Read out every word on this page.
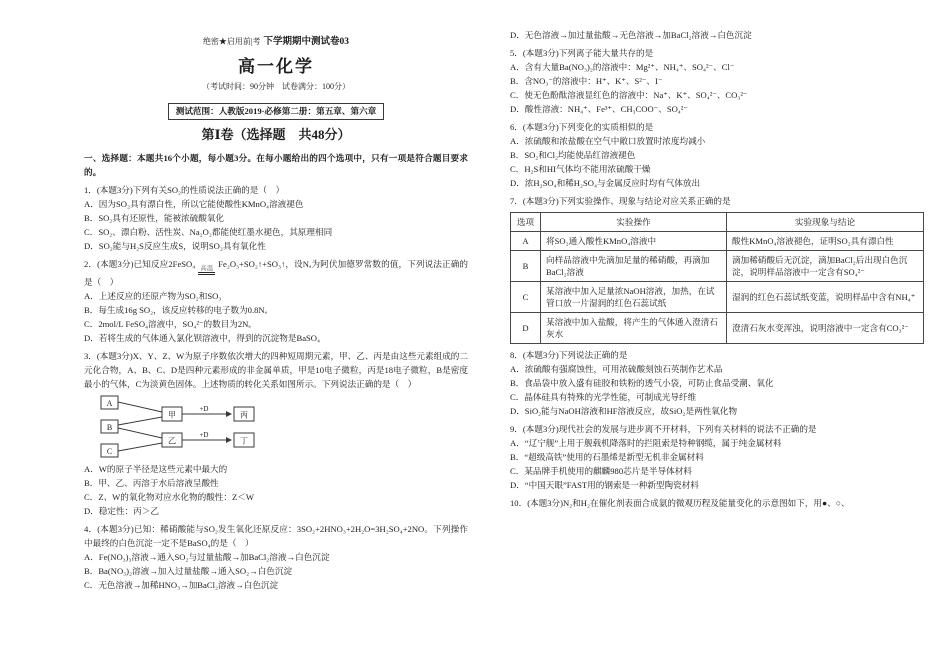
绝密★启用前|考 下学期期中测试卷03

高一化学

（考试时间：90分钟　试卷满分：100分）

测试范围：人教版2019·必修第二册：第五章、第六章
第Ⅰ卷（选择题　共48分）

一、选择题：本题共16个小题，每小题3分。在每小题给出的四个选项中，只有一项是符合题目要求的。

1．(本题3分)下列有关SO₂的性质说法正确的是（　）

A．因为SO₂具有漂白性，所以它能使酸性KMnO₄溶液褪色

B．SO₂具有还原性，能被浓硫酸氧化

C．SO₂、漂白粉、活性炭、Na₂O₂都能使红墨水褪色，其原理相同

D．SO₂能与H₂S反应生成S，说明SO₂具有氧化性

2．(本题3分)已知反应2FeSO₄ 高温 Fe₂O₃+SO₂↑+SO₃↑，设Nₐ为阿伏加德罗常数的值，下列说法正确的是（　）

A．上述反应的还原产物为SO₂和SO₃

B．每生成16g SO₂，该反应转移的电子数为0.8Nₐ

C．2mol/L FeSO₄溶液中，SO₄²⁻的数目为2Nₐ

D．若将生成的气体通入氯化钡溶液中，得到的沉淀物是BaSO₄

3．(本题3分)X、Y、Z、W为原子序数依次增大的四种短周期元素，甲、乙、丙是由这些元素组成的二元化合物，A、B、C、D是四种元素形成的非金属单质，甲是10电子微粒，丙是18电子微粒，B是密度最小的气体，C为淡黄色固体。上述物质的转化关系如图所示。下列说法正确的是（　）

A
B
C
甲
乙
丙
丁
+D
+D

A．W的原子半径是这些元素中最大的

B．甲、乙、丙溶于水后溶液呈酸性

C．Z、W的氧化物对应水化物的酸性：Z＜W

D．稳定性：丙＞乙

4．(本题3分)已知：稀硝酸能与SO₂发生氧化还原反应：3SO₂+2HNO₃+2H₂O=3H₂SO₄+2NO。下列操作中最终的白色沉淀一定不是BaSO₄的是（　）

A．Fe(NO₃)₃溶液→通入SO₂与过量盐酸→加BaCl₂溶液→白色沉淀

B．Ba(NO₃)₂溶液→加入过量盐酸→通入SO₂→白色沉淀

C．无色溶液→加稀HNO₃→加BaCl₂溶液→白色沉淀

D．无色溶液→加过量盐酸→无色溶液→加BaCl₂溶液→白色沉淀

5．(本题3分)下列离子能大量共存的是

A．含有大量Ba(NO₃)₂的溶液中：Mg²⁺、NH₄⁺、SO₄²⁻、Cl⁻

B．含NO₃⁻的溶液中：H⁺、K⁺、S²⁻、I⁻

C．使无色酚酞溶液显红色的溶液中：Na⁺、K⁺、SO₄²⁻、CO₃²⁻

D．酸性溶液：NH₄⁺、Fe³⁺、CH₃COO⁻、SO₄²⁻

6．(本题3分)下列变化的实质相似的是

A．浓硫酸和浓盐酸在空气中敞口放置时浓度均减小

B．SO₂和Cl₂均能使品红溶液褪色

C．H₂S和HI气体均不能用浓硫酸干燥

D．浓H₂SO₄和稀H₂SO₄与金属反应时均有气体放出

7．(本题3分)下列实验操作、现象与结论对应关系正确的是

选项	实验操作	实验现象与结论
A	将SO₂通入酸性KMnO₄溶液中	酸性KMnO₄溶液褪色，证明SO₂具有漂白性
B	向样品溶液中先滴加足量的稀硝酸，再滴加BaCl₂溶液	滴加稀硝酸后无沉淀，滴加BaCl₂后出现白色沉淀，说明样品溶液中一定含有SO₄²⁻
C	某溶液中加入足量浓NaOH溶液，加热，在试管口放一片湿润的红色石蕊试纸	湿润的红色石蕊试纸变蓝，说明样品中含有NH₄⁺
D	某溶液中加入盐酸，将产生的气体通入澄清石灰水	澄清石灰水变浑浊，说明溶液中一定含有CO₃²⁻

8．(本题3分)下列说法正确的是

A．浓硫酸有强腐蚀性，可用浓硫酸刻蚀石英制作艺术品

B．食品袋中放入盛有硅胶和铁粉的透气小袋，可防止食品受潮、氧化

C．晶体硅具有特殊的光学性能，可制成光导纤维

D．SiO₂能与NaOH溶液和HF溶液反应，故SiO₂是两性氧化物

9．(本题3分)现代社会的发展与进步离不开材料，下列有关材料的说法不正确的是

A．“辽宁舰”上用于舰载机降落时的拦阻索是特种钢缆，属于纯金属材料

B．“超级高铁”使用的石墨烯是新型无机非金属材料

C．某品牌手机使用的麒麟980芯片是半导体材料

D．“中国天眼”FAST用的钢索是一种新型陶瓷材料

10．(本题3分)N₂和H₂在催化剂表面合成氨的微观历程及能量变化的示意图如下，用●、○、
